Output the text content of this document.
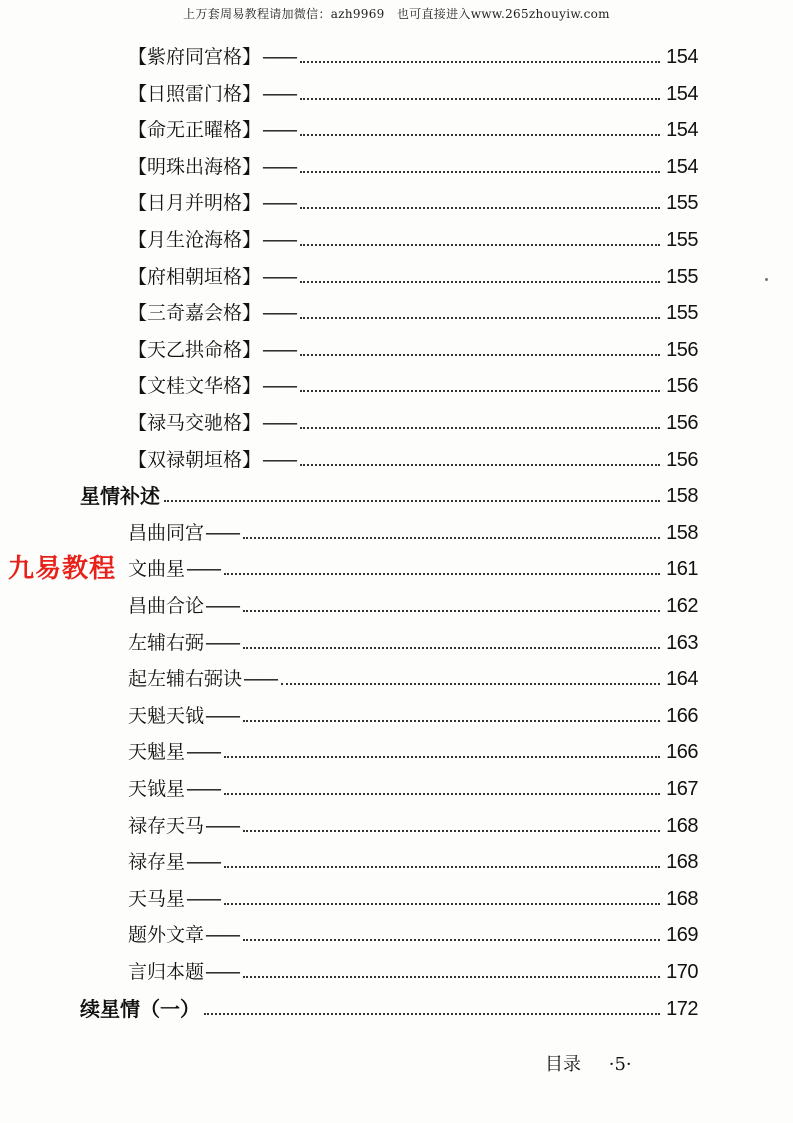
上万套周易教程请加微信：azh9969　也可直接进入www.265zhouyiw.com
【紫府同宫格】 ——	154
【日照雷门格】 ——	154
【命无正曜格】 ——	154
【明珠出海格】 ——	154
【日月并明格】 ——	155
【月生沧海格】 ——	155
【府相朝垣格】 ——	155
【三奇嘉会格】 ——	155
【天乙拱命格】 ——	156
【文桂文华格】 ——	156
【禄马交驰格】 ——	156
【双禄朝垣格】 ——	156
星情补述	158
昌曲同宫 ——	158
文曲星 ——	161
昌曲合论 ——	162
左辅右弼 ——	163
起左辅右弼诀 ——	164
天魁天钺 ——	166
天魁星 ——	166
天钺星 ——	167
禄存天马 ——	168
禄存星 ——	168
天马星 ——	168
题外文章 ——	169
言归本题 ——	170
续星情（一）	172
九易教程
目录 ·5·
